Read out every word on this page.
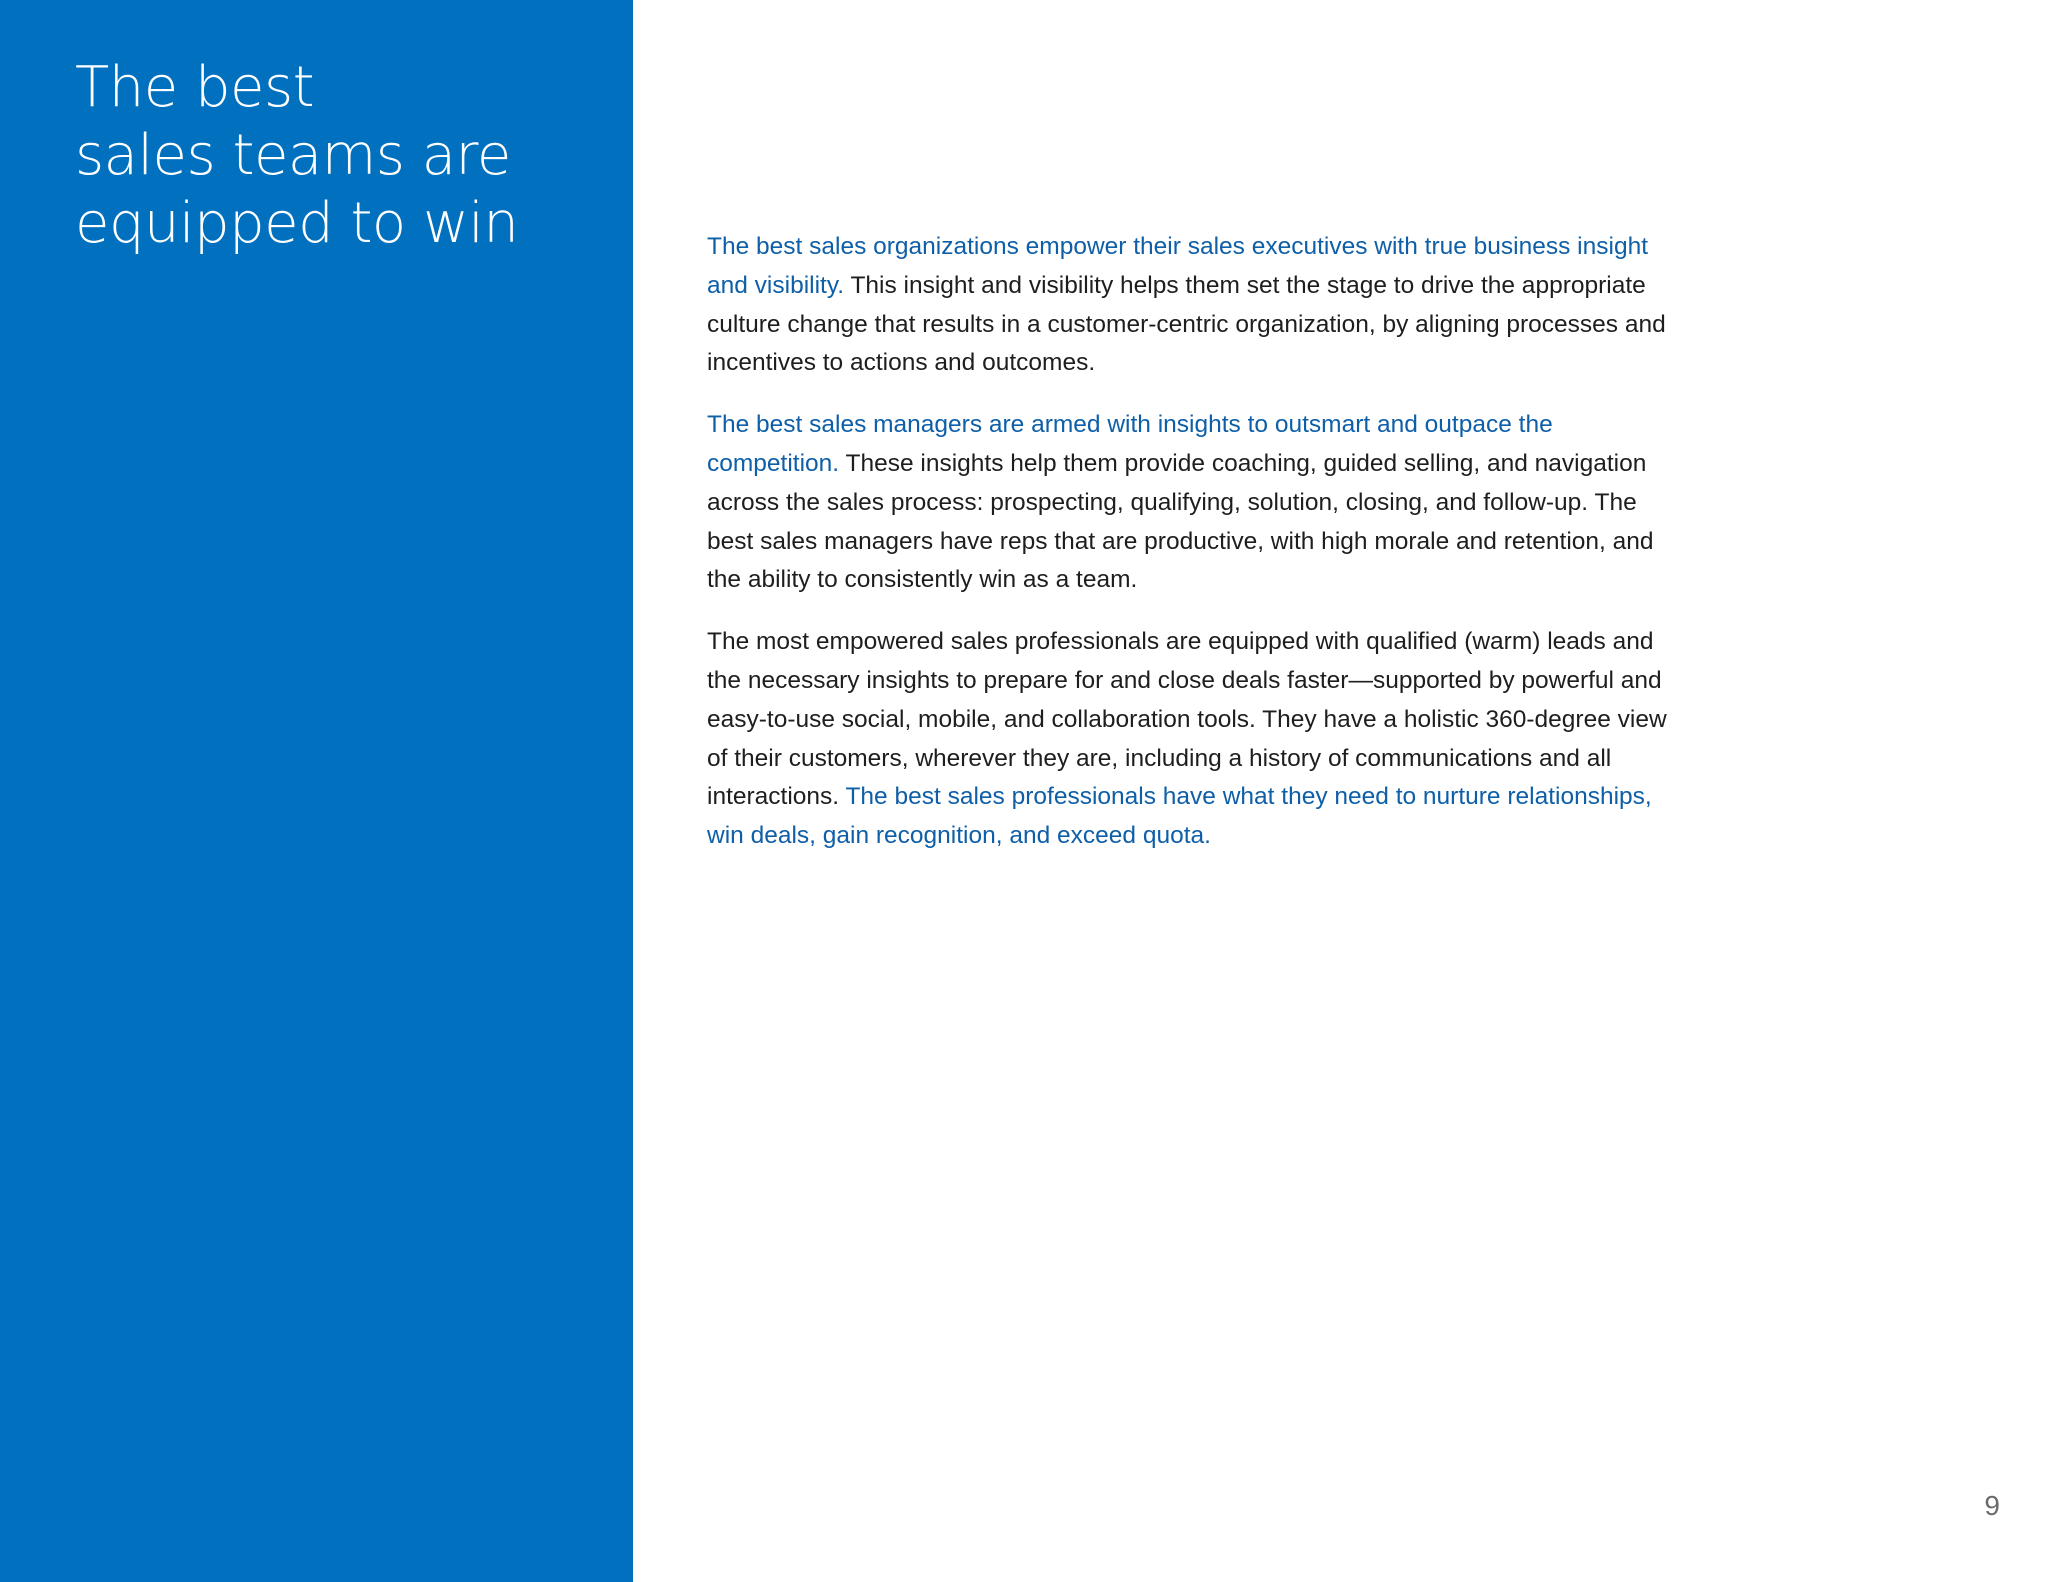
The best
sales teams are
equipped to win	The best sales organizations empower their sales executives with true business insight and visibility. This insight and visibility helps them set the stage to drive the appropriate culture change that results in a customer-centric organization, by aligning processes and incentives to actions and outcomes.

The best sales managers are armed with insights to outsmart and outpace the competition. These insights help them provide coaching, guided selling, and navigation across the sales process: prospecting, qualifying, solution, closing, and follow-up. The best sales managers have reps that are productive, with high morale and retention, and the ability to consistently win as a team.

The most empowered sales professionals are equipped with qualified (warm) leads and the necessary insights to prepare for and close deals faster—supported by powerful and easy-to-use social, mobile, and collaboration tools. They have a holistic 360-degree view of their customers, wherever they are, including a history of communications and all interactions. The best sales professionals have what they need to nurture relationships, win deals, gain recognition, and exceed quota.

9
